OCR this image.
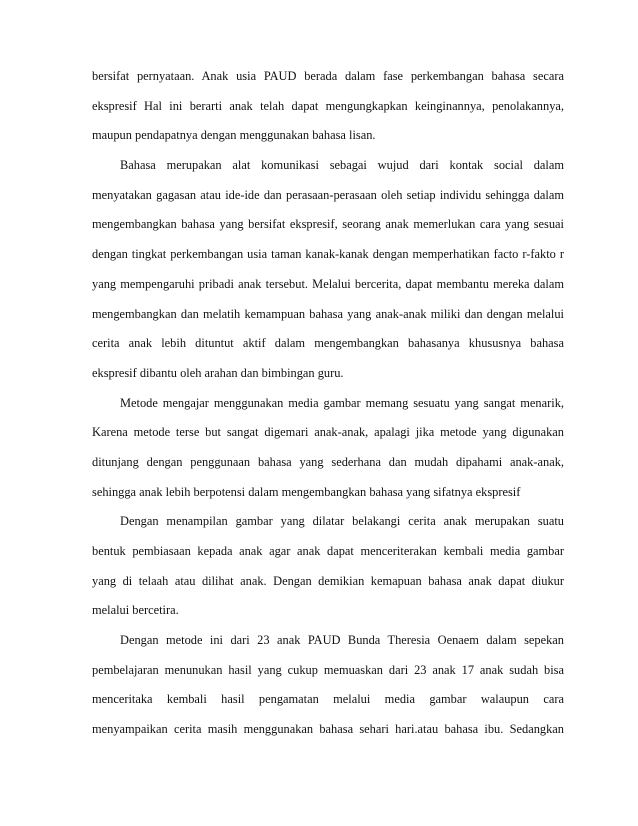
bersifat pernyataan. Anak usia PAUD berada dalam fase perkembangan bahasa secara
ekspresif Hal ini berarti anak telah dapat mengungkapkan keinginannya, penolakannya,
maupun pendapatnya dengan menggunakan bahasa lisan.
Bahasa merupakan alat komunikasi sebagai wujud dari kontak social dalam
menyatakan gagasan atau ide-ide dan perasaan-perasaan oleh setiap individu sehingga dalam
mengembangkan bahasa yang bersifat ekspresif, seorang anak memerlukan cara yang sesuai
dengan tingkat perkembangan usia taman kanak-kanak dengan memperhatikan facto r-fakto r
yang mempengaruhi pribadi anak tersebut. Melalui bercerita, dapat membantu mereka dalam
mengembangkan dan melatih kemampuan bahasa yang anak-anak miliki dan dengan melalui
cerita anak lebih dituntut aktif dalam mengembangkan bahasanya khususnya bahasa
ekspresif dibantu oleh arahan dan bimbingan guru.
Metode mengajar menggunakan media gambar memang sesuatu yang sangat menarik,
Karena metode terse but sangat digemari anak-anak, apalagi jika metode yang digunakan
ditunjang dengan penggunaan bahasa yang sederhana dan mudah dipahami anak-anak,
sehingga anak lebih berpotensi dalam mengembangkan bahasa yang sifatnya ekspresif
Dengan menampilan gambar yang dilatar belakangi cerita anak merupakan suatu
bentuk pembiasaan kepada anak agar anak dapat menceriterakan kembali media gambar
yang di telaah atau dilihat anak. Dengan demikian kemapuan bahasa anak dapat diukur
melalui bercetira.
Dengan metode ini dari 23 anak PAUD Bunda Theresia Oenaem dalam sepekan
pembelajaran menunukan hasil yang cukup memuaskan dari 23 anak 17 anak sudah bisa
menceritaka kembali hasil pengamatan melalui media gambar walaupun cara
menyampaikan cerita masih menggunakan bahasa sehari hari.atau bahasa ibu. Sedangkan
